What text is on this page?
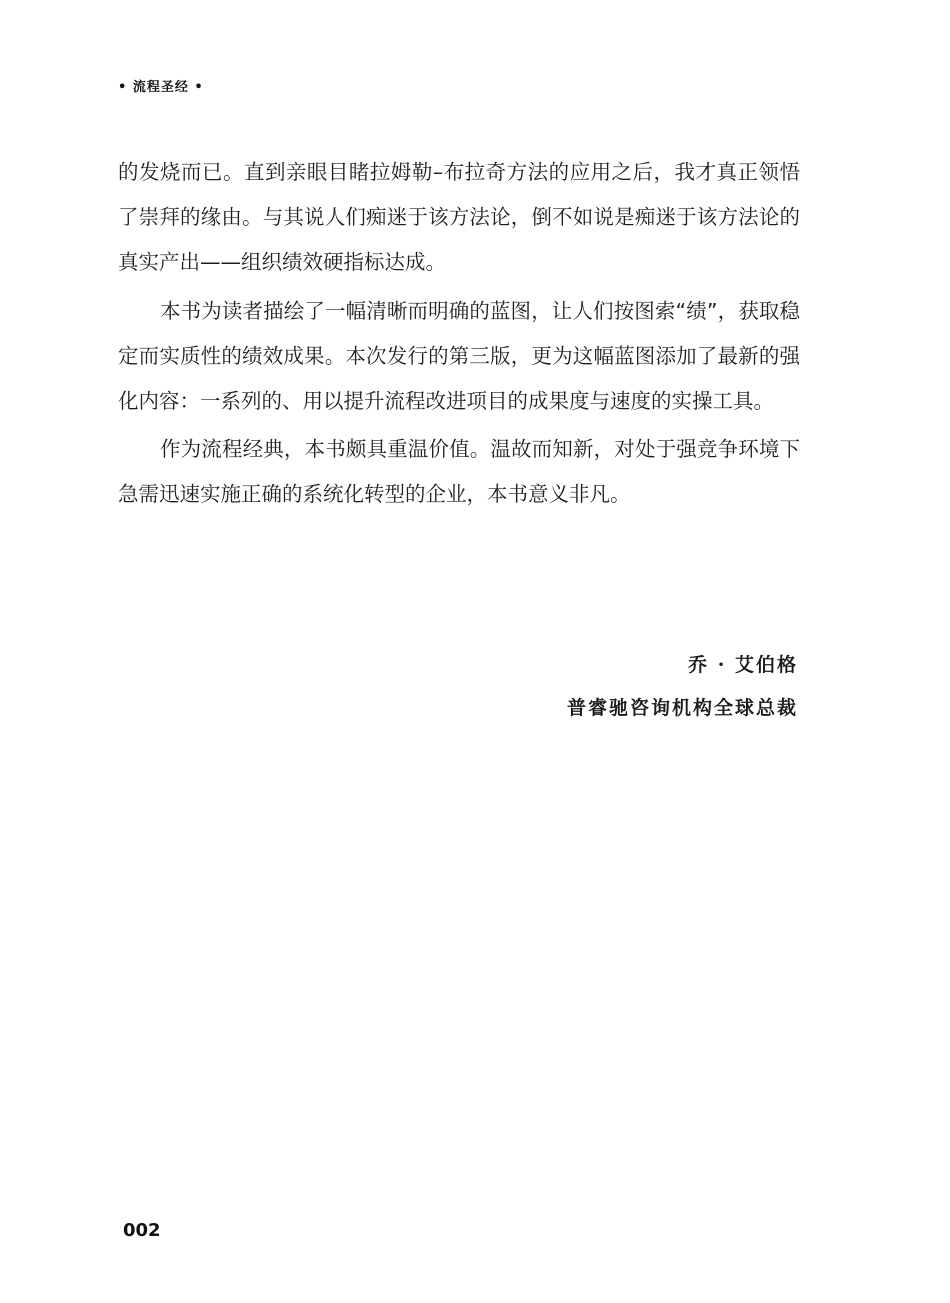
• 流程圣经 •

的发烧而已。直到亲眼目睹拉姆勒–布拉奇方法的应用之后，我才真正领悟了崇拜的缘由。与其说人们痴迷于该方法论，倒不如说是痴迷于该方法论的真实产出——组织绩效硬指标达成。

本书为读者描绘了一幅清晰而明确的蓝图，让人们按图索“绩”，获取稳定而实质性的绩效成果。本次发行的第三版，更为这幅蓝图添加了最新的强化内容：一系列的、用以提升流程改进项目的成果度与速度的实操工具。

作为流程经典，本书颇具重温价值。温故而知新，对处于强竞争环境下急需迅速实施正确的系统化转型的企业，本书意义非凡。

乔 · 艾伯格
普睿驰咨询机构全球总裁
002
